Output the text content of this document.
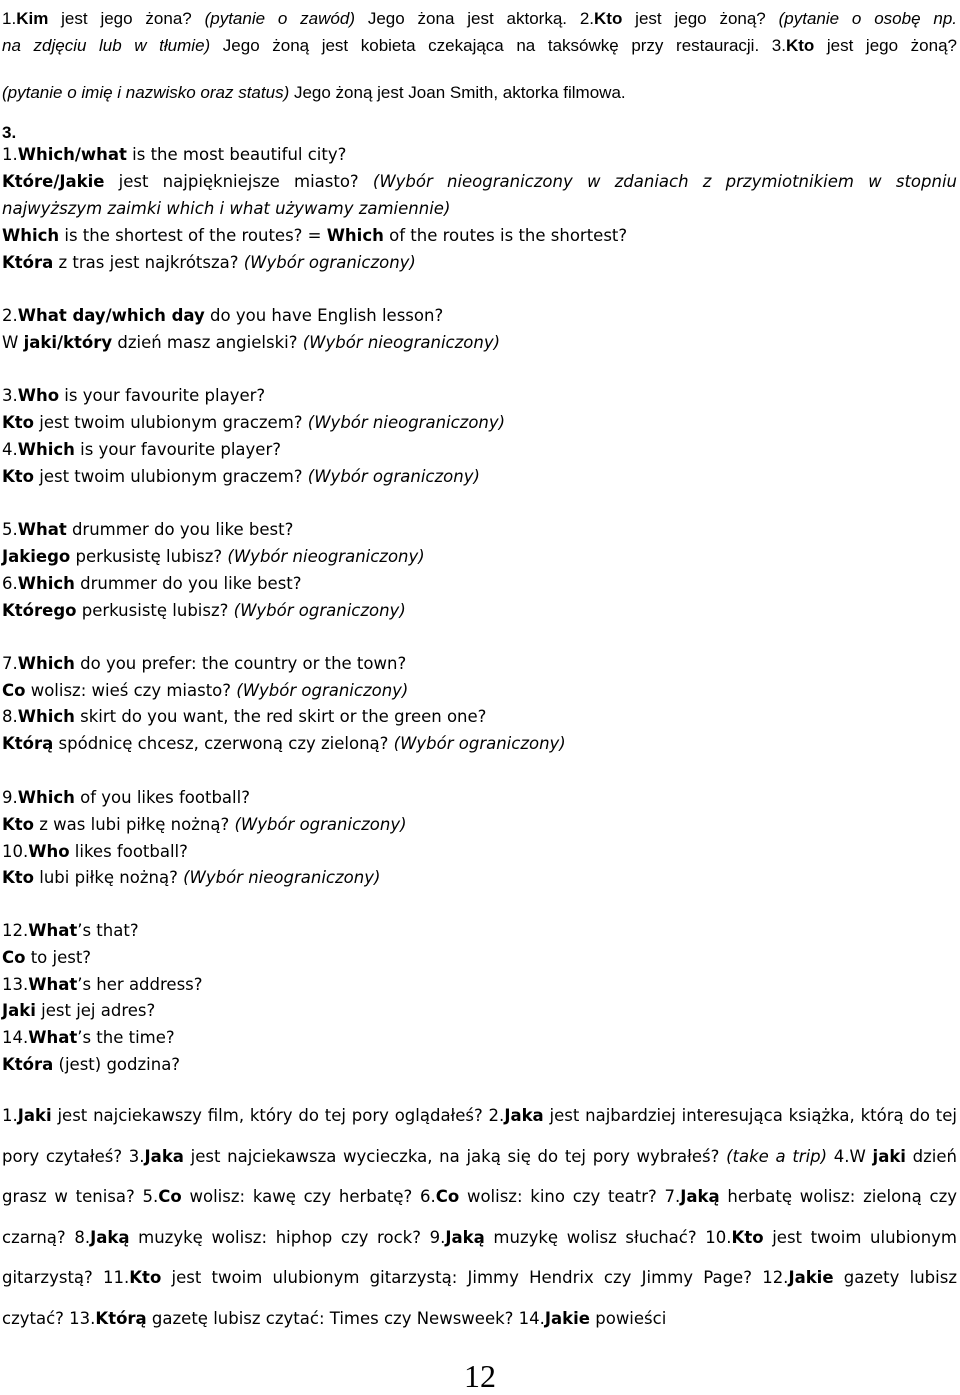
1.Kim jest jego żona? (pytanie o zawód) Jego żona jest aktorką. 2.Kto jest jego żoną? (pytanie o osobę np.
na zdjęciu lub w tłumie) Jego żoną jest kobieta czekająca na taksówkę przy restauracji. 3.Kto jest jego żoną?
(pytanie o imię i nazwisko oraz status) Jego żoną jest Joan Smith, aktorka filmowa.
3.
1.Which/what is the most beautiful city?
Które/Jakie jest najpiękniejsze miasto? (Wybór nieograniczony w zdaniach z przymiotnikiem w stopniu
najwyższym zaimki which i what używamy zamiennie)
Which is the shortest of the routes? = Which of the routes is the shortest?
Która z tras jest najkrótsza? (Wybór ograniczony)
2.What day/which day do you have English lesson?
W jaki/który dzień masz angielski? (Wybór nieograniczony)
3.Who is your favourite player?
Kto jest twoim ulubionym graczem? (Wybór nieograniczony)
4.Which is your favourite player?
Kto jest twoim ulubionym graczem? (Wybór ograniczony)
5.What drummer do you like best?
Jakiego perkusistę lubisz? (Wybór nieograniczony)
6.Which drummer do you like best?
Którego perkusistę lubisz? (Wybór ograniczony)
7.Which do you prefer: the country or the town?
Co wolisz: wieś czy miasto? (Wybór ograniczony)
8.Which skirt do you want, the red skirt or the green one?
Którą spódnicę chcesz, czerwoną czy zieloną? (Wybór ograniczony)
9.Which of you likes football?
Kto z was lubi piłkę nożną? (Wybór ograniczony)
10.Who likes football?
Kto lubi piłkę nożną? (Wybór nieograniczony)
12.What’s that?
Co to jest?
13.What’s her address?
Jaki jest jej adres?
14.What’s the time?
Która (jest) godzina?
1.Jaki jest najciekawszy film, który do tej pory oglądałeś? 2.Jaka jest najbardziej interesująca książka, którą do tej pory czytałeś? 3.Jaka jest najciekawsza wycieczka, na jaką się do tej pory wybrałeś? (take a trip) 4.W jaki dzień grasz w tenisa? 5.Co wolisz: kawę czy herbatę? 6.Co wolisz: kino czy teatr? 7.Jaką herbatę wolisz: zieloną czy czarną? 8.Jaką muzykę wolisz: hiphop czy rock? 9.Jaką muzykę wolisz słuchać? 10.Kto jest twoim ulubionym gitarzystą? 11.Kto jest twoim ulubionym gitarzystą: Jimmy Hendrix czy Jimmy Page? 12.Jakie gazety lubisz czytać? 13.Którą gazetę lubisz czytać: Times czy Newsweek? 14.Jakie powieści
12
